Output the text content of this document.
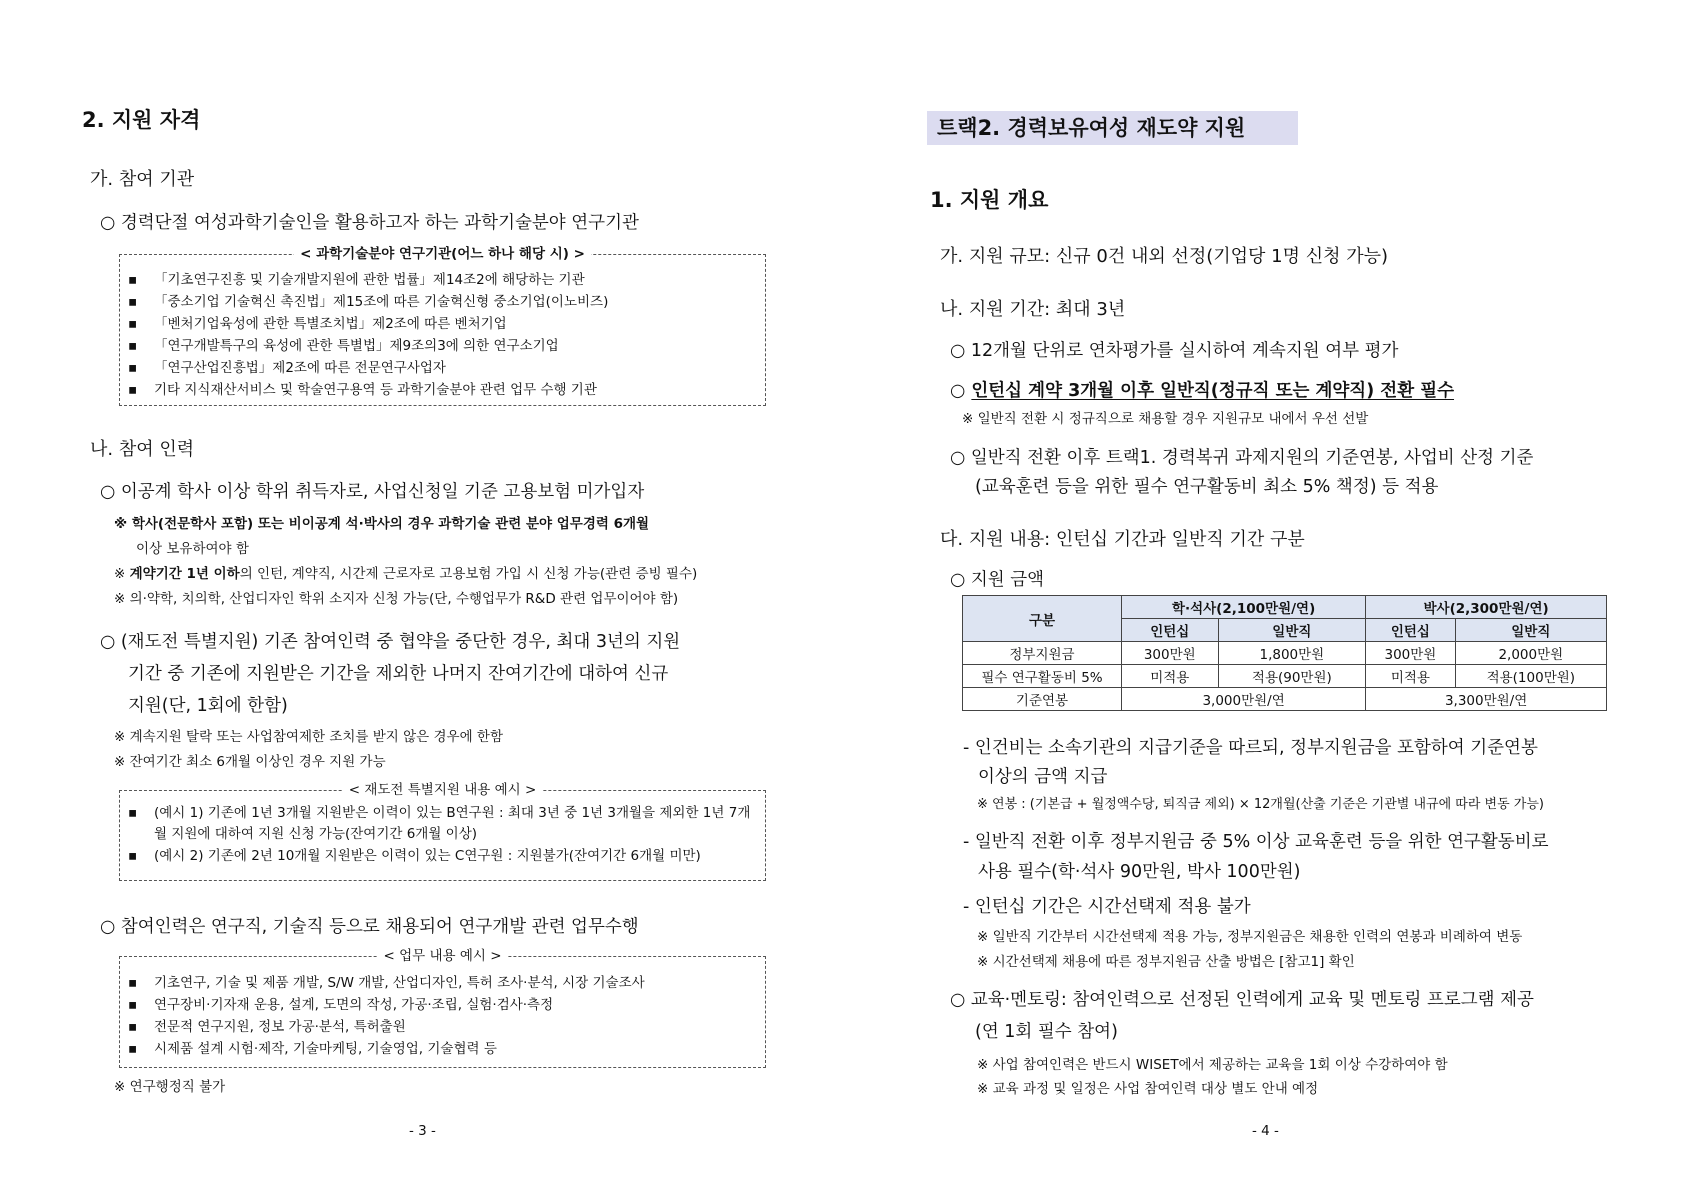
2. 지원 자격
가. 참여 기관
○ 경력단절 여성과학기술인을 활용하고자 하는 과학기술분야 연구기관
< 과학기술분야 연구기관(어느 하나 해당 시) >
▪ 「기초연구진흥 및 기술개발지원에 관한 법률」제14조2에 해당하는 기관
▪ 「중소기업 기술혁신 촉진법」제15조에 따른 기술혁신형 중소기업(이노비즈)
▪ 「벤처기업육성에 관한 특별조치법」제2조에 따른 벤처기업
▪ 「연구개발특구의 육성에 관한 특별법」제9조의3에 의한 연구소기업
▪ 「연구산업진흥법」제2조에 따른 전문연구사업자
▪ 기타 지식재산서비스 및 학술연구용역 등 과학기술분야 관련 업무 수행 기관
나. 참여 인력
○ 이공계 학사 이상 학위 취득자로, 사업신청일 기준 고용보험 미가입자
※ 학사(전문학사 포함) 또는 비이공계 석·박사의 경우 과학기술 관련 분야 업무경력 6개월
이상 보유하여야 함
※ 계약기간 1년 이하의 인턴, 계약직, 시간제 근로자로 고용보험 가입 시 신청 가능(관련 증빙 필수)
※ 의·약학, 치의학, 산업디자인 학위 소지자 신청 가능(단, 수행업무가 R&D 관련 업무이어야 함)
○ (재도전 특별지원) 기존 참여인력 중 협약을 중단한 경우, 최대 3년의 지원
기간 중 기존에 지원받은 기간을 제외한 나머지 잔여기간에 대하여 신규
지원(단, 1회에 한함)
※ 계속지원 탈락 또는 사업참여제한 조치를 받지 않은 경우에 한함
※ 잔여기간 최소 6개월 이상인 경우 지원 가능
< 재도전 특별지원 내용 예시 >
▪ (예시 1) 기존에 1년 3개월 지원받은 이력이 있는 B연구원 : 최대 3년 중 1년 3개월을 제외한 1년 7개월 지원에 대하여 지원 신청 가능(잔여기간 6개월 이상)
▪ (예시 2) 기존에 2년 10개월 지원받은 이력이 있는 C연구원 : 지원불가(잔여기간 6개월 미만)
○ 참여인력은 연구직, 기술직 등으로 채용되어 연구개발 관련 업무수행
< 업무 내용 예시 >
▪ 기초연구, 기술 및 제품 개발, S/W 개발, 산업디자인, 특허 조사·분석, 시장 기술조사
▪ 연구장비·기자재 운용, 설계, 도면의 작성, 가공·조립, 실험·검사·측정
▪ 전문적 연구지원, 정보 가공·분석, 특허출원
▪ 시제품 설계 시험·제작, 기술마케팅, 기술영업, 기술협력 등
※ 연구행정직 불가
- 3 -
트랙2. 경력보유여성 재도약 지원
1. 지원 개요
가. 지원 규모: 신규 0건 내외 선정(기업당 1명 신청 가능)
나. 지원 기간: 최대 3년
○ 12개월 단위로 연차평가를 실시하여 계속지원 여부 평가
○ 인턴십 계약 3개월 이후 일반직(정규직 또는 계약직) 전환 필수
※ 일반직 전환 시 정규직으로 채용할 경우 지원규모 내에서 우선 선발
○ 일반직 전환 이후 트랙1. 경력복귀 과제지원의 기준연봉, 사업비 산정 기준
(교육훈련 등을 위한 필수 연구활동비 최소 5% 책정) 등 적용
다. 지원 내용: 인턴십 기간과 일반직 기간 구분
○ 지원 금액
구분	학·석사(2,100만원/연)		박사(2,300만원/연)	
	인턴십	일반직	인턴십	일반직
정부지원금	300만원	1,800만원	300만원	2,000만원
필수 연구활동비 5%	미적용	적용(90만원)	미적용	적용(100만원)
기준연봉	3,000만원/연		3,300만원/연	
- 인건비는 소속기관의 지급기준을 따르되, 정부지원금을 포함하여 기준연봉
이상의 금액 지급
※ 연봉 : (기본급 + 월정액수당, 퇴직금 제외) × 12개월(산출 기준은 기관별 내규에 따라 변동 가능)
- 일반직 전환 이후 정부지원금 중 5% 이상 교육훈련 등을 위한 연구활동비로
사용 필수(학·석사 90만원, 박사 100만원)
- 인턴십 기간은 시간선택제 적용 불가
※ 일반직 기간부터 시간선택제 적용 가능, 정부지원금은 채용한 인력의 연봉과 비례하여 변동
※ 시간선택제 채용에 따른 정부지원금 산출 방법은 [참고1] 확인
○ 교육·멘토링: 참여인력으로 선정된 인력에게 교육 및 멘토링 프로그램 제공
(연 1회 필수 참여)
※ 사업 참여인력은 반드시 WISET에서 제공하는 교육을 1회 이상 수강하여야 함
※ 교육 과정 및 일정은 사업 참여인력 대상 별도 안내 예정
- 4 -
